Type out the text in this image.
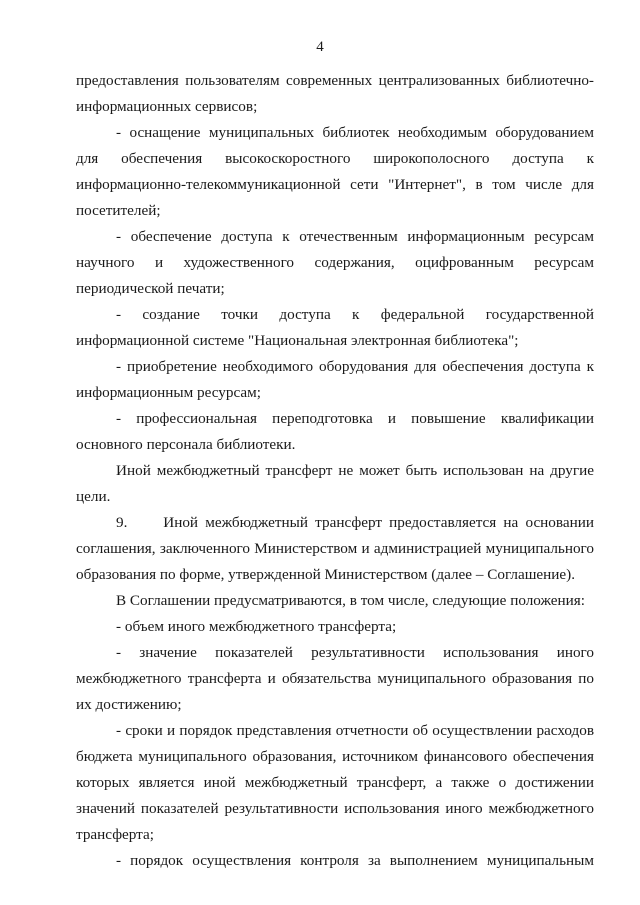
4

предоставления пользователям современных централизованных библиотечно-информационных сервисов;

- оснащение муниципальных библиотек необходимым оборудованием для обеспечения высокоскоростного широкополосного доступа к информационно-телекоммуникационной сети "Интернет", в том числе для посетителей;

- обеспечение доступа к отечественным информационным ресурсам научного и художественного содержания, оцифрованным ресурсам периодической печати;

- создание точки доступа к федеральной государственной информационной системе "Национальная электронная библиотека";

- приобретение необходимого оборудования для обеспечения доступа к информационным ресурсам;

- профессиональная переподготовка и повышение квалификации основного персонала библиотеки.

Иной межбюджетный трансферт не может быть использован на другие цели.

9.     Иной межбюджетный трансферт предоставляется на основании соглашения, заключенного Министерством и администрацией муниципального образования по форме, утвержденной Министерством (далее – Соглашение).

В Соглашении предусматриваются, в том числе, следующие положения:

- объем иного межбюджетного трансферта;

- значение показателей результативности использования иного межбюджетного трансферта и обязательства муниципального образования по их достижению;

- сроки и порядок представления отчетности об осуществлении расходов бюджета муниципального образования, источником финансового обеспечения которых является иной межбюджетный трансферт, а также о достижении значений показателей результативности использования иного межбюджетного трансферта;

- порядок осуществления контроля за выполнением муниципальным
